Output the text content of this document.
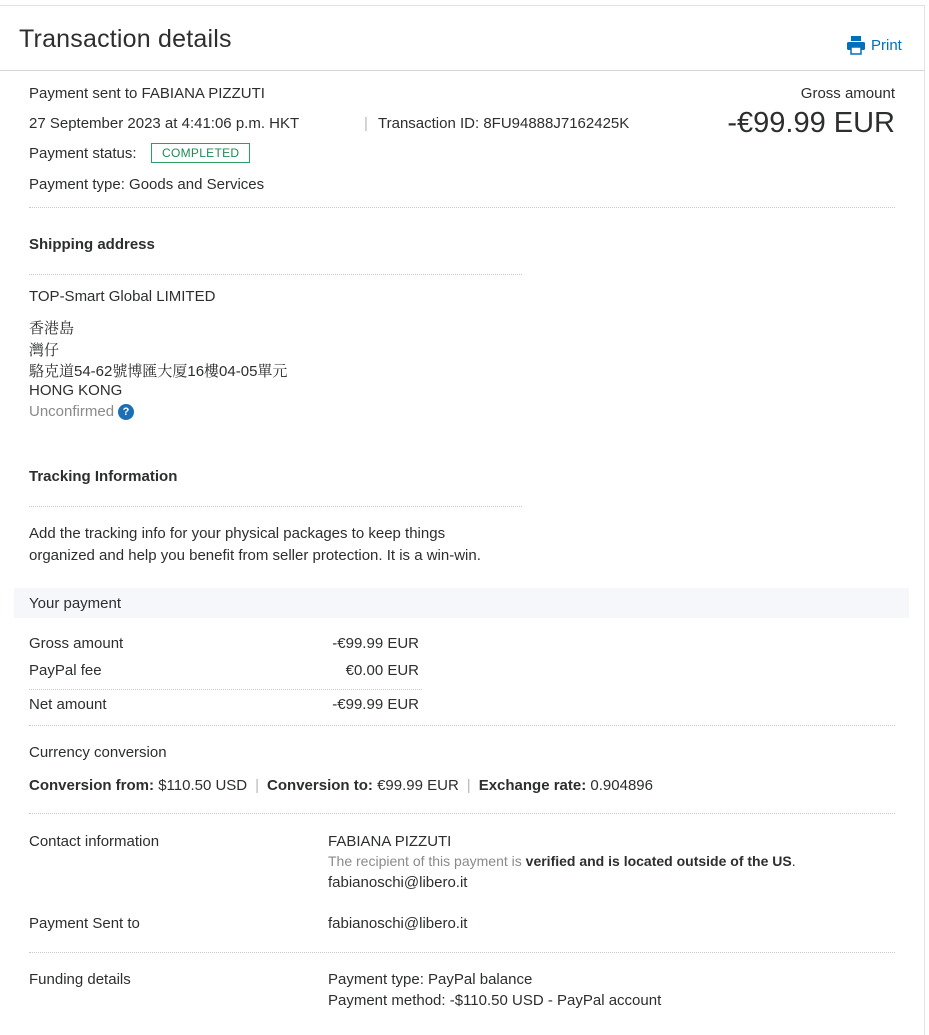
Transaction details	Print
Payment sent to FABIANA PIZZUTI
27 September 2023 at 4:41:06 p.m. HKT	| Transaction ID: 8FU94888J7162425K
Payment status:	COMPLETED
Payment type: Goods and Services
Gross amount
-€99.99 EUR
Shipping address
TOP-Smart Global LIMITED
香港島
灣仔
駱克道54-62號博匯大厦16樓04-05單元
HONG KONG
Unconfirmed ?
Tracking Information
Add the tracking info for your physical packages to keep things
organized and help you benefit from seller protection. It is a win-win.
Your payment
Gross amount	-€99.99 EUR
PayPal fee	€0.00 EUR
Net amount	-€99.99 EUR
Currency conversion
Conversion from: $110.50 USD | Conversion to: €99.99 EUR | Exchange rate: 0.904896
Contact information	FABIANA PIZZUTI
The recipient of this payment is verified and is located outside of the US.
fabianoschi@libero.it
Payment Sent to	fabianoschi@libero.it
Funding details	Payment type: PayPal balance
Payment method: -$110.50 USD - PayPal account
